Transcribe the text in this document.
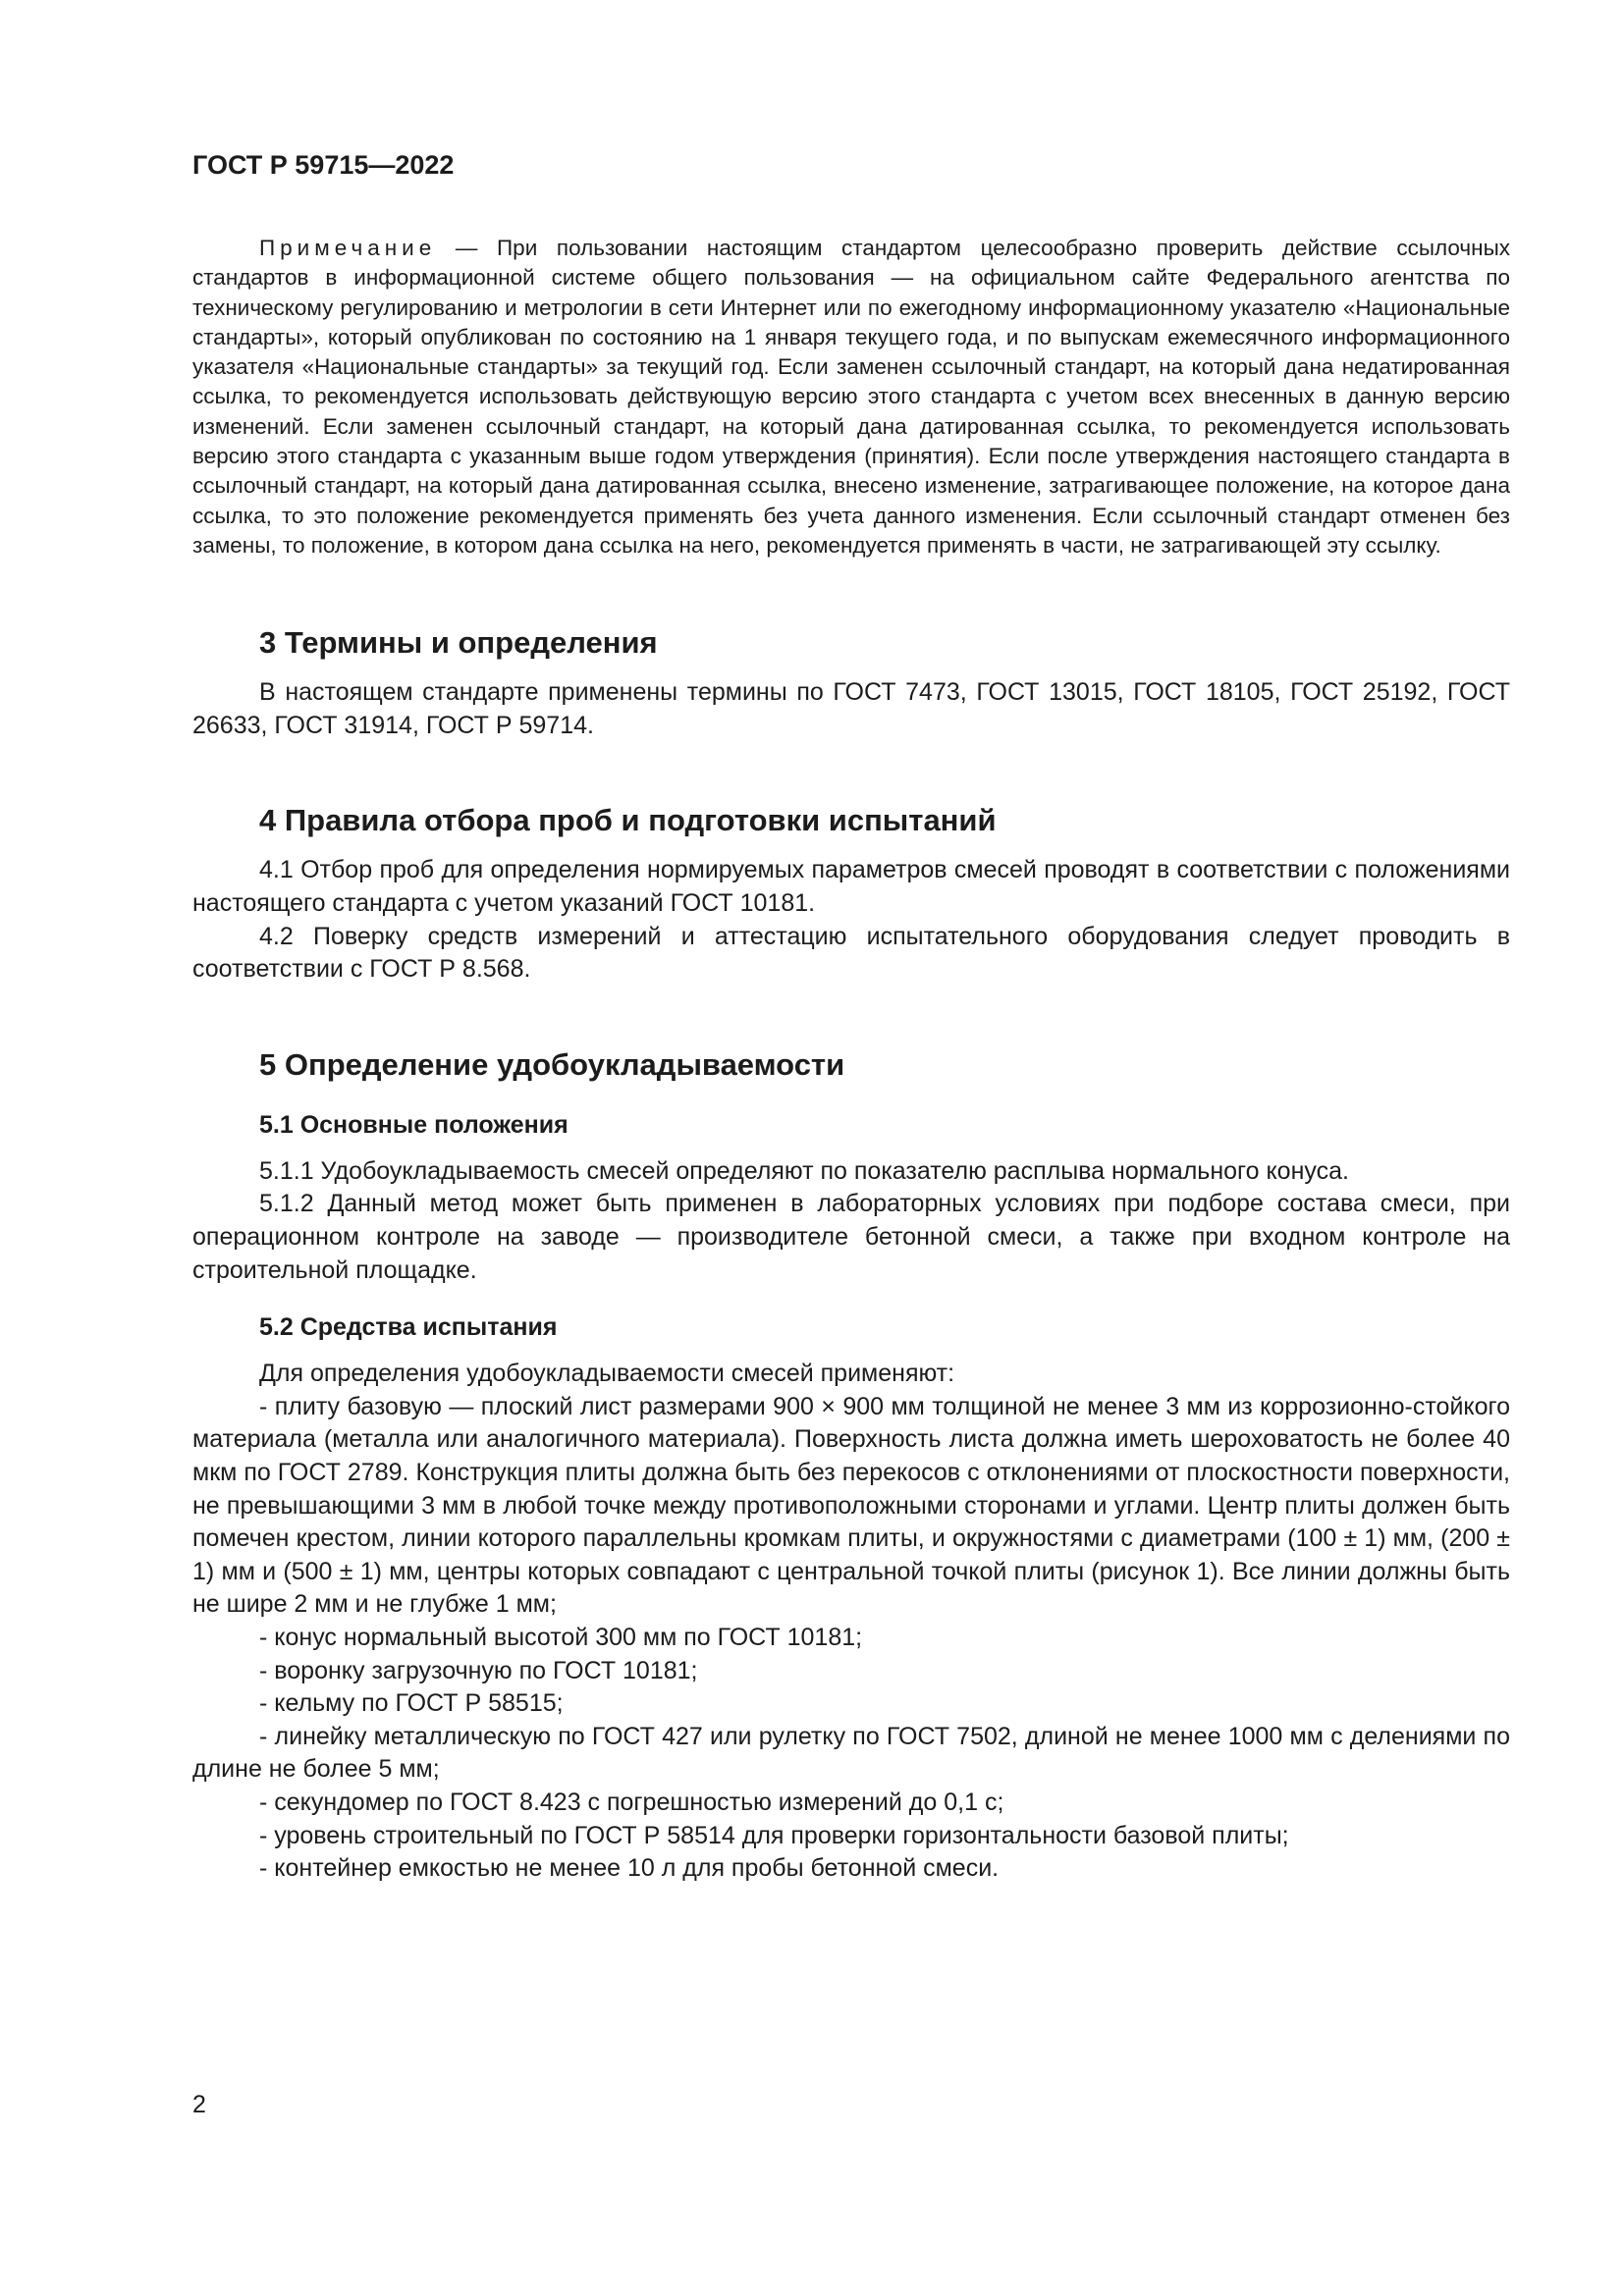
ГОСТ Р 59715—2022

Примечание — При пользовании настоящим стандартом целесообразно проверить действие ссылочных стандартов в информационной системе общего пользования — на официальном сайте Федерального агентства по техническому регулированию и метрологии в сети Интернет или по ежегодному информационному указателю «Национальные стандарты», который опубликован по состоянию на 1 января текущего года, и по выпускам ежемесячного информационного указателя «Национальные стандарты» за текущий год. Если заменен ссылочный стандарт, на который дана недатированная ссылка, то рекомендуется использовать действующую версию этого стандарта с учетом всех внесенных в данную версию изменений. Если заменен ссылочный стандарт, на который дана датированная ссылка, то рекомендуется использовать версию этого стандарта с указанным выше годом утверждения (принятия). Если после утверждения настоящего стандарта в ссылочный стандарт, на который дана датированная ссылка, внесено изменение, затрагивающее положение, на которое дана ссылка, то это положение рекомендуется применять без учета данного изменения. Если ссылочный стандарт отменен без замены, то положение, в котором дана ссылка на него, рекомендуется применять в части, не затрагивающей эту ссылку.

3 Термины и определения

В настоящем стандарте применены термины по ГОСТ 7473, ГОСТ 13015, ГОСТ 18105, ГОСТ 25192, ГОСТ 26633, ГОСТ 31914, ГОСТ Р 59714.

4 Правила отбора проб и подготовки испытаний

4.1 Отбор проб для определения нормируемых параметров смесей проводят в соответствии с положениями настоящего стандарта с учетом указаний ГОСТ 10181.

4.2 Поверку средств измерений и аттестацию испытательного оборудования следует проводить в соответствии с ГОСТ Р 8.568.

5 Определение удобоукладываемости
5.1 Основные положения

5.1.1 Удобоукладываемость смесей определяют по показателю расплыва нормального конуса.

5.1.2 Данный метод может быть применен в лабораторных условиях при подборе состава смеси, при операционном контроле на заводе — производителе бетонной смеси, а также при входном контроле на строительной площадке.

5.2 Средства испытания

Для определения удобоукладываемости смесей применяют:

- плиту базовую — плоский лист размерами 900 × 900 мм толщиной не менее 3 мм из коррозионно-стойкого материала (металла или аналогичного материала). Поверхность листа должна иметь шероховатость не более 40 мкм по ГОСТ 2789. Конструкция плиты должна быть без перекосов с отклонениями от плоскостности поверхности, не превышающими 3 мм в любой точке между противоположными сторонами и углами. Центр плиты должен быть помечен крестом, линии которого параллельны кромкам плиты, и окружностями с диаметрами (100 ± 1) мм, (200 ± 1) мм и (500 ± 1) мм, центры которых совпадают с центральной точкой плиты (рисунок 1). Все линии должны быть не шире 2 мм и не глубже 1 мм;

- конус нормальный высотой 300 мм по ГОСТ 10181;

- воронку загрузочную по ГОСТ 10181;

- кельму по ГОСТ Р 58515;

- линейку металлическую по ГОСТ 427 или рулетку по ГОСТ 7502, длиной не менее 1000 мм с делениями по длине не более 5 мм;

- секундомер по ГОСТ 8.423 с погрешностью измерений до 0,1 с;

- уровень строительный по ГОСТ Р 58514 для проверки горизонтальности базовой плиты;

- контейнер емкостью не менее 10 л для пробы бетонной смеси.

2
